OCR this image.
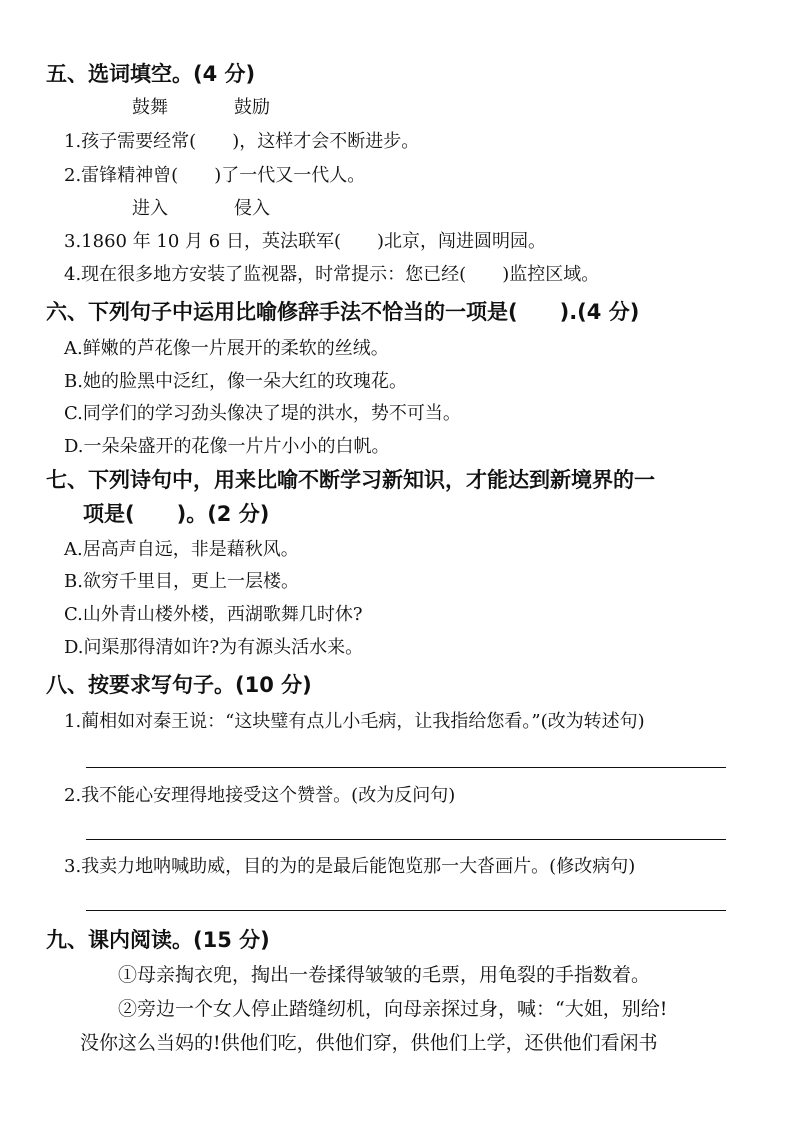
五、选词填空。(4 分)
鼓舞	鼓励
1.孩子需要经常(　　)，这样才会不断进步。
2.雷锋精神曾(　　)了一代又一代人。
进入	侵入
3.1860 年 10 月 6 日，英法联军(　　)北京，闯进圆明园。
4.现在很多地方安装了监视器，时常提示：您已经(　　)监控区域。
六、下列句子中运用比喻修辞手法不恰当的一项是(　　).(4 分)
A.鲜嫩的芦花像一片展开的柔软的丝绒。
B.她的脸黑中泛红，像一朵大红的玫瑰花。
C.同学们的学习劲头像决了堤的洪水，势不可当。
D.一朵朵盛开的花像一片片小小的白帆。
七、下列诗句中，用来比喻不断学习新知识，才能达到新境界的一
项是(　　)。(2 分)
A.居高声自远，非是藉秋风。
B.欲穷千里目，更上一层楼。
C.山外青山楼外楼，西湖歌舞几时休?
D.问渠那得清如许?为有源头活水来。
八、按要求写句子。(10 分)
1.蔺相如对秦王说：“这块璧有点儿小毛病，让我指给您看。”(改为转述句)
2.我不能心安理得地接受这个赞誉。(改为反问句)
3.我卖力地呐喊助威，目的为的是最后能饱览那一大沓画片。(修改病句)
九、课内阅读。(15 分)
①母亲掏衣兜，掏出一卷揉得皱皱的毛票，用龟裂的手指数着。
②旁边一个女人停止踏缝纫机，向母亲探过身，喊：“大姐，别给!
没你这么当妈的!供他们吃，供他们穿，供他们上学，还供他们看闲书
